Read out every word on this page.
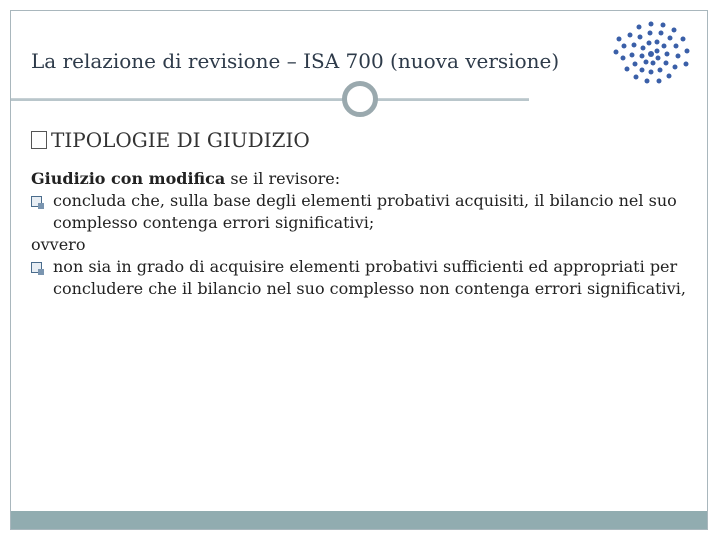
La relazione di revisione – ISA 700 (nuova versione)
TIPOLOGIE DI GIUDIZIO

Giudizio con modifica se il revisore:

concluda che, sulla base degli elementi probativi acquisiti, il bilancio nel suo complesso contenga errori significativi;

ovvero

non sia in grado di acquisire elementi probativi sufficienti ed appropriati per concludere che il bilancio nel suo complesso non contenga errori significativi,
